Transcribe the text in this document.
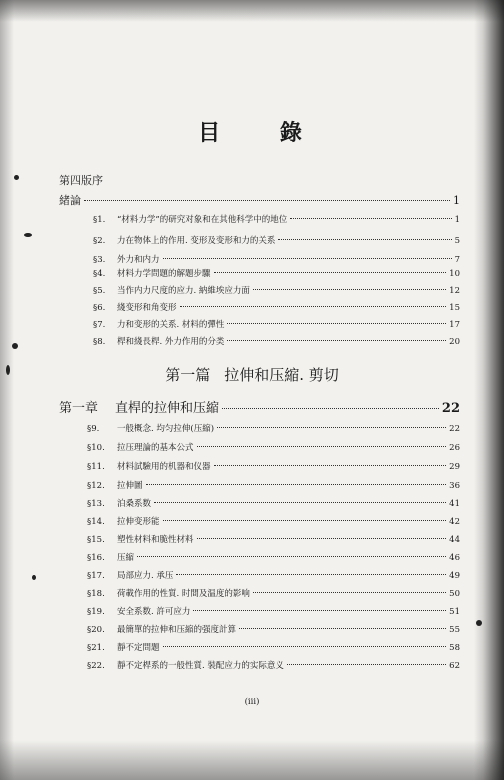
目 錄
第四版序
緒論	1
§1.	“材料力学”的研究对象和在其他科学中的地位	1
§2.	力在物体上的作用. 变形及变形和力的关系	5
§3.	外力和内力	7
§4.	材料力学問題的解題步驟	10
§5.	当作内力尺度的应力. 納維埃应力面	12
§6.	綫变形和角变形	15
§7.	力和变形的关系. 材料的彈性	17
§8.	桿和綫長桿. 外力作用的分类	20
第一篇 拉伸和压縮. 剪切
第一章	直桿的拉伸和压縮	22
§9.	一般概念. 均匀拉伸(压縮)	22
§10.	拉压理論的基本公式	26
§11.	材料試驗用的机器和仪器	29
§12.	拉伸圖	36
§13.	泊桑系数	41
§14.	拉伸变形能	42
§15.	塑性材料和脆性材料	44
§16.	压縮	46
§17.	局部应力. 承压	49
§18.	荷載作用的性質. 时間及温度的影响	50
§19.	安全系数. 許可应力	51
§20.	最簡單的拉伸和压縮的强度計算	55
§21.	靜不定問題	58
§22.	靜不定桿系的一般性質. 裝配应力的实际意义	62
(iii)
